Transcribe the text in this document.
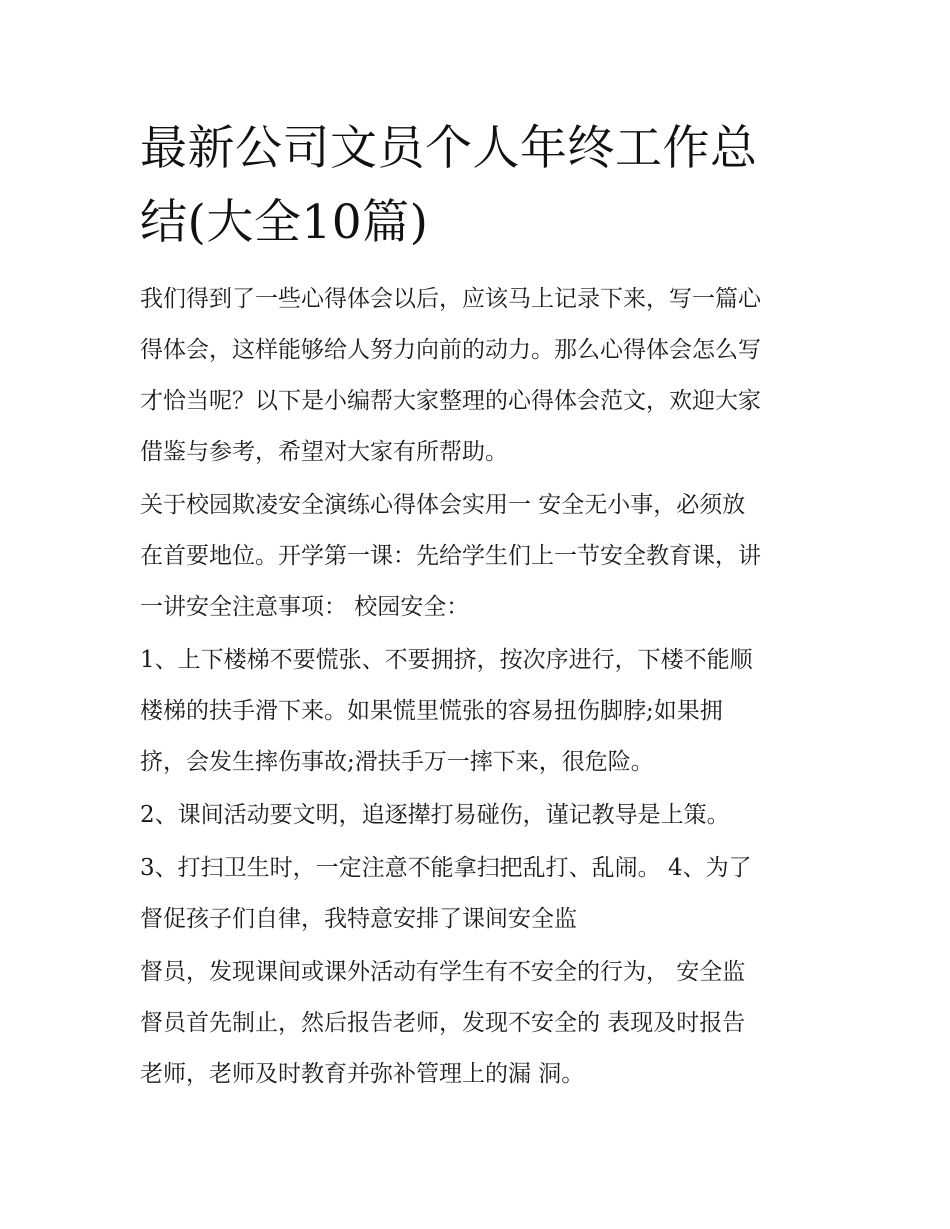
最新公司文员个人年终工作总
结(大全10篇)

我们得到了一些心得体会以后，应该马上记录下来，写一篇心
得体会，这样能够给人努力向前的动力。那么心得体会怎么写
才恰当呢？以下是小编帮大家整理的心得体会范文，欢迎大家
借鉴与参考，希望对大家有所帮助。

关于校园欺凌安全演练心得体会实用一 安全无小事，必须放
在首要地位。开学第一课：先给学生们上一节安全教育课，讲
一讲安全注意事项： 校园安全：

1、上下楼梯不要慌张、不要拥挤，按次序进行，下楼不能顺
楼梯的扶手滑下来。如果慌里慌张的容易扭伤脚脖;如果拥
挤，会发生摔伤事故;滑扶手万一摔下来，很危险。

2、课间活动要文明，追逐撵打易碰伤，谨记教导是上策。

3、打扫卫生时，一定注意不能拿扫把乱打、乱闹。 4、为了
督促孩子们自律，我特意安排了课间安全监

督员，发现课间或课外活动有学生有不安全的行为， 安全监
督员首先制止，然后报告老师，发现不安全的 表现及时报告
老师，老师及时教育并弥补管理上的漏 洞。
